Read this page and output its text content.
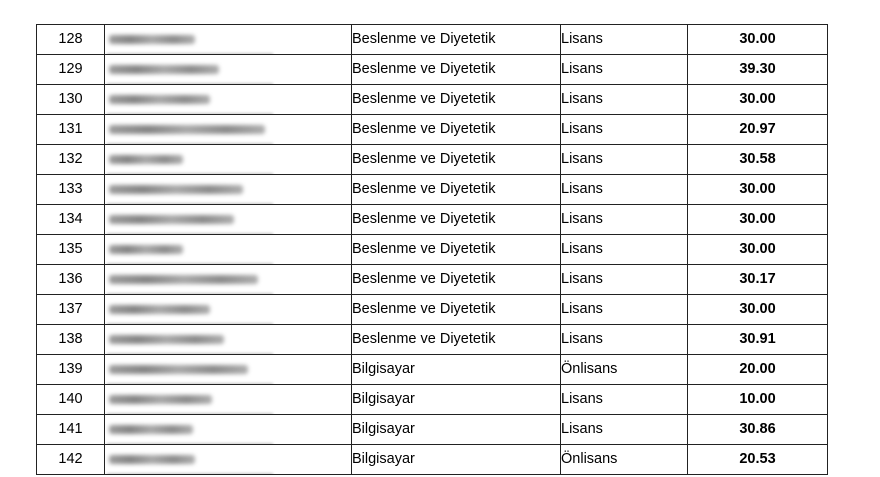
128		Beslenme ve Diyetetik	Lisans	30.00
129		Beslenme ve Diyetetik	Lisans	39.30
130		Beslenme ve Diyetetik	Lisans	30.00
131		Beslenme ve Diyetetik	Lisans	20.97
132		Beslenme ve Diyetetik	Lisans	30.58
133		Beslenme ve Diyetetik	Lisans	30.00
134		Beslenme ve Diyetetik	Lisans	30.00
135		Beslenme ve Diyetetik	Lisans	30.00
136		Beslenme ve Diyetetik	Lisans	30.17
137		Beslenme ve Diyetetik	Lisans	30.00
138		Beslenme ve Diyetetik	Lisans	30.91
139		Bilgisayar	Önlisans	20.00
140		Bilgisayar	Lisans	10.00
141		Bilgisayar	Lisans	30.86
142		Bilgisayar	Önlisans	20.53
